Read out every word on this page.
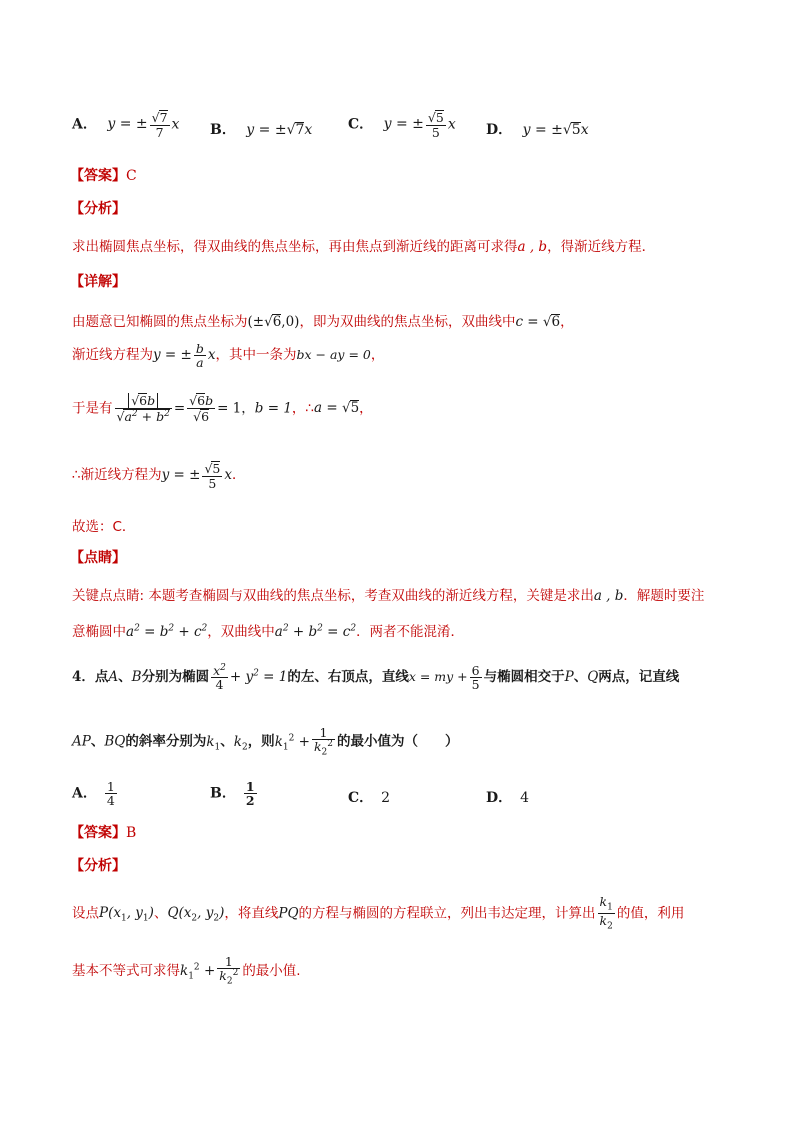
A． y = ± $\frac{√7}{7}$ x B． y = ±√7x	C． y = ± $\frac{√5}{5}$ x D． y = ±√5x
【答案】C
【分析】
求出椭圆焦点坐标，得双曲线的焦点坐标，再由焦点到渐近线的距离可求得a , b，得渐近线方程．
【详解】
由题意已知椭圆的焦点坐标为(±√6,0)，即为双曲线的焦点坐标，双曲线中c = √6，
渐近线方程为y = ± $\frac{b}{a}$ x，其中一条为bx − ay = 0，
于是有 $\frac{√6b}{√a^2 + b^2} = \frac{√6b}{√6} = 1$，b = 1，∴a = √5，
∴渐近线方程为y = ± $\frac{√5}{5}$ x．
故选：C．
【点睛】
关键点点睛: 本题考查椭圆与双曲线的焦点坐标，考查双曲线的渐近线方程，关键是求出a , b．解题时要注
意椭圆中$a^2 = b^2 + c^2$，双曲线中$a^2 + b^2 = c^2$．两者不能混淆．
4．点A、B分别为椭圆 $\frac{x^2}{4} + y^2 = 1$的左、右顶点，直线x = my + $\frac{6}{5}$ 与椭圆相交于P、Q两点，记直线
AP、BQ的斜率分别为$k_1$、$k_2$，则$k_1^2 + \frac{1}{k_2^2}$ 的最小值为（　　）
A． $\frac{1}{4}$	B． $\frac{1}{2}$	C． 2	D． 4
【答案】B
【分析】
设点$P(x_1$, $y_1$)、$Q(x_2$, $y_2$)，将直线PQ的方程与椭圆的方程联立，列出韦达定理，计算出 $\frac{k_1}{k_2}$ 的值，利用
基本不等式可求得$k_1^2 + \frac{1}{k_2^2}$ 的最小值.
